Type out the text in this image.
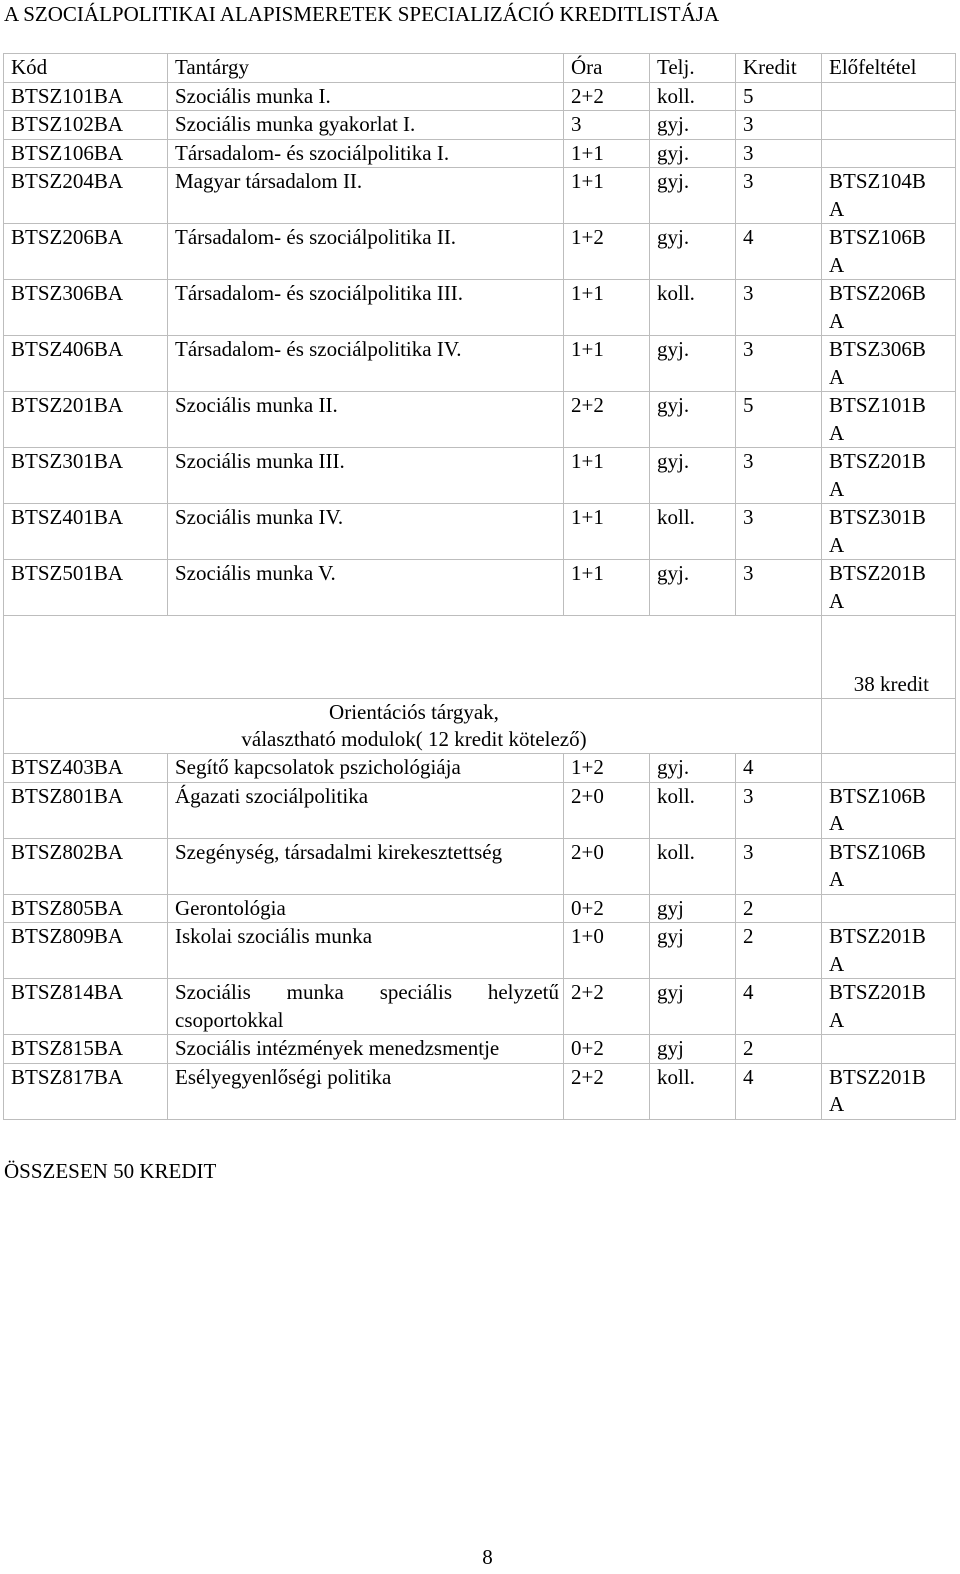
A SZOCIÁLPOLITIKAI ALAPISMERETEK SPECIALIZÁCIÓ KREDITLISTÁJA
Kód	Tantárgy	Óra	Telj.	Kredit	Előfeltétel
BTSZ101BA	Szociális munka I.	2+2	koll.	5	
BTSZ102BA	Szociális munka gyakorlat I.	3	gyj.	3	
BTSZ106BA	Társadalom- és szociálpolitika I.	1+1	gyj.	3	
BTSZ204BA	Magyar társadalom II.	1+1	gyj.	3	BTSZ104BA
BTSZ206BA	Társadalom- és szociálpolitika II.	1+2	gyj.	4	BTSZ106BA
BTSZ306BA	Társadalom- és szociálpolitika III.	1+1	koll.	3	BTSZ206BA
BTSZ406BA	Társadalom- és szociálpolitika IV.	1+1	gyj.	3	BTSZ306BA
BTSZ201BA	Szociális munka II.	2+2	gyj.	5	BTSZ101BA
BTSZ301BA	Szociális munka III.	1+1	gyj.	3	BTSZ201BA
BTSZ401BA	Szociális munka IV.	1+1	koll.	3	BTSZ301BA
BTSZ501BA	Szociális munka V.	1+1	gyj.	3	BTSZ201BA

					38 kredit

Orientációs tárgyak,
választható modulok( 12 kredit kötelező)					

BTSZ403BA	Segítő kapcsolatok pszichológiája	1+2	gyj.	4	
BTSZ801BA	Ágazati szociálpolitika	2+0	koll.	3	BTSZ106BA
BTSZ802BA	Szegénység, társadalmi kirekesztettség	2+0	koll.	3	BTSZ106BA
BTSZ805BA	Gerontológia	0+2	gyj	2	
BTSZ809BA	Iskolai szociális munka	1+0	gyj	2	BTSZ201BA
BTSZ814BA	Szociális munka speciális helyzetű csoportokkal	2+2	gyj	4	BTSZ201BA
BTSZ815BA	Szociális intézmények menedzsmentje	0+2	gyj	2	
BTSZ817BA	Esélyegyenlőségi politika	2+2	koll.	4	BTSZ201BA
ÖSSZESEN 50 KREDIT
8
